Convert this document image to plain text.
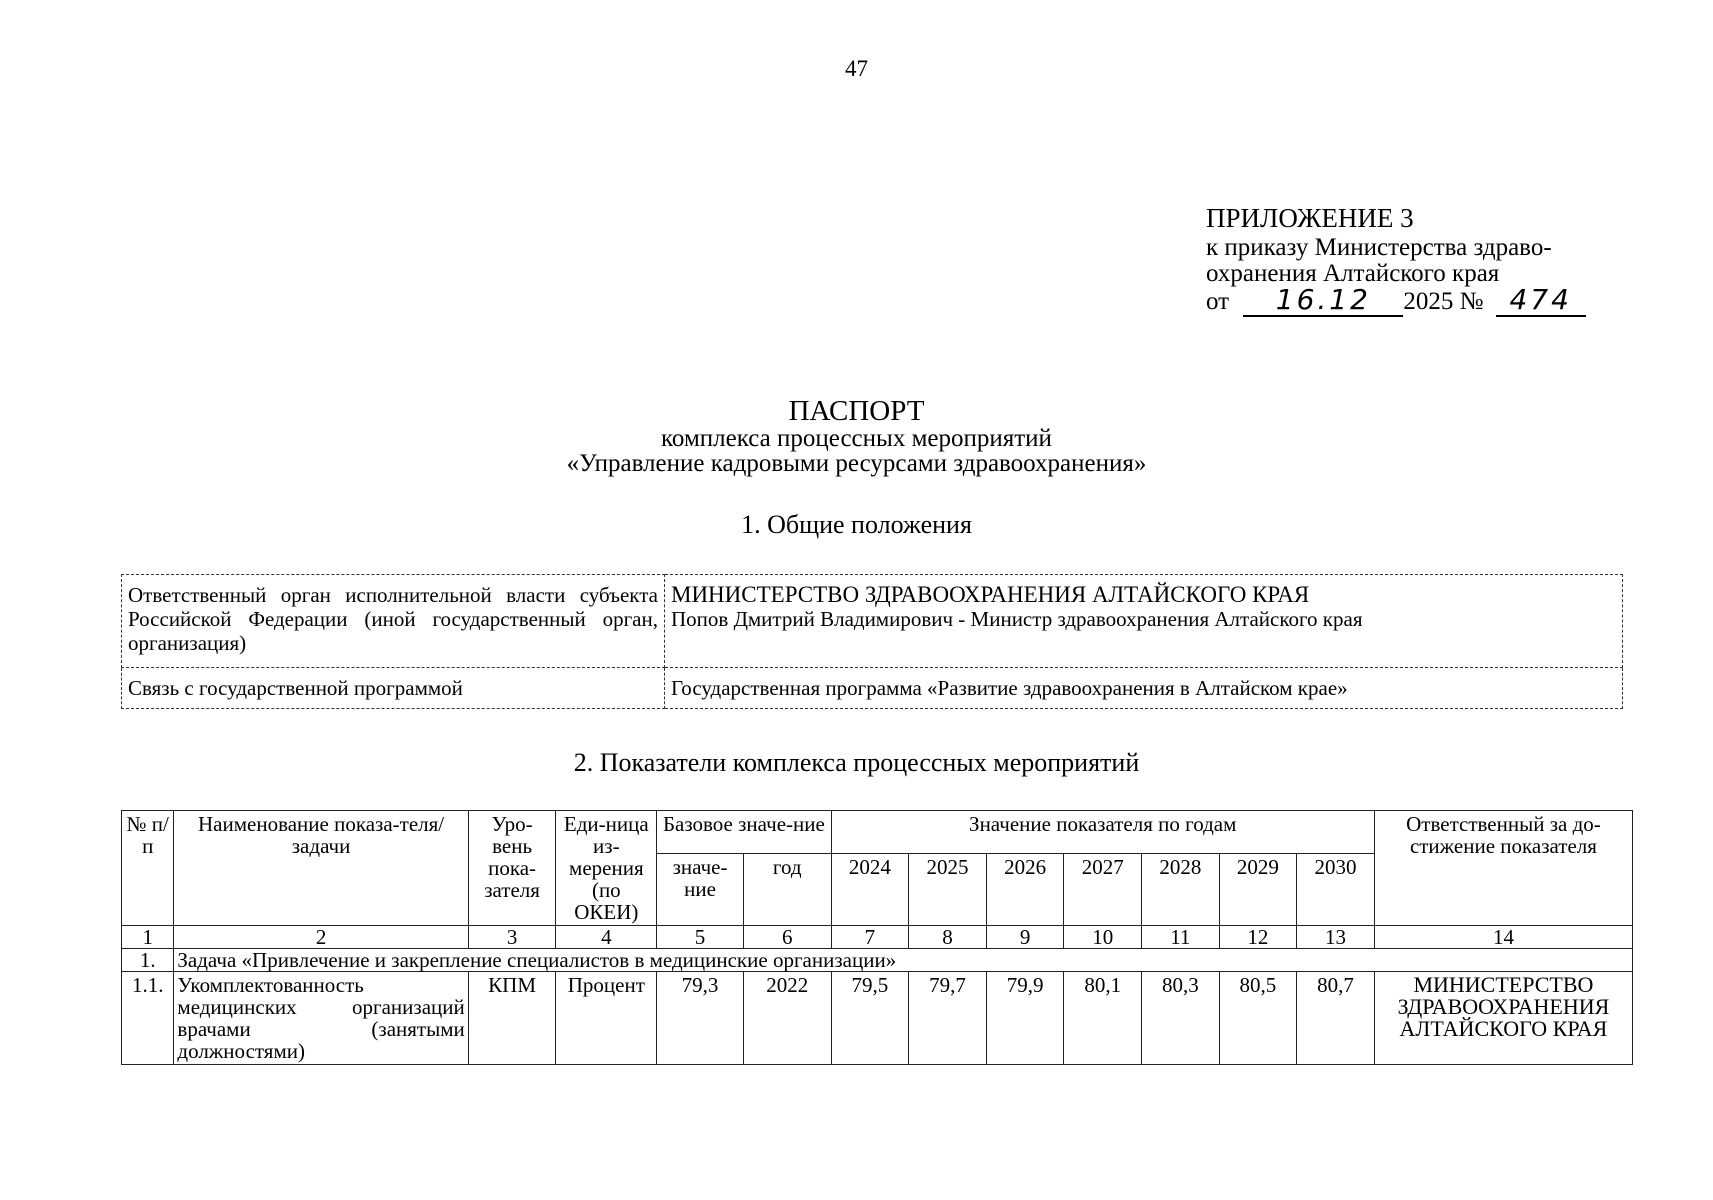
47
ПРИЛОЖЕНИЕ 3
к приказу Министерства здраво-
охранения Алтайского края
от 16.12 2025 № 474
ПАСПОРТ
комплекса процессных мероприятий
«Управление кадровыми ресурсами здравоохранения»
1. Общие положения
Ответственный орган исполнительной власти субъекта Российской Федерации (иной государственный орган, организация)	МИНИСТЕРСТВО ЗДРАВООХРАНЕНИЯ АЛТАЙСКОГО КРАЯ
Попов Дмитрий Владимирович - Министр здравоохранения Алтайского края
Связь с государственной программой	Государственная программа «Развитие здравоохранения в Алтайском крае»
2. Показатели комплекса процессных мероприятий
№ п/п	Наименование показа-теля/задачи	Уро-вень пока-зателя	Еди-ница из-мерения (по ОКЕИ)	Базовое значе-ние		Значение показателя по годам							Ответственный за до-стижение показателя
				значе-ние	год	2024	2025	2026	2027	2028	2029	2030	
1	2	3	4	5	6	7	8	9	10	11	12	13	14
1.	Задача «Привлечение и закрепление специалистов в медицинские организации»												
1.1.	Укомплектованность медицинских организаций врачами (занятыми должностями)	КПМ	Процент	79,3	2022	79,5	79,7	79,9	80,1	80,3	80,5	80,7	МИНИСТЕРСТВО ЗДРАВООХРАНЕНИЯ АЛТАЙСКОГО КРАЯ
